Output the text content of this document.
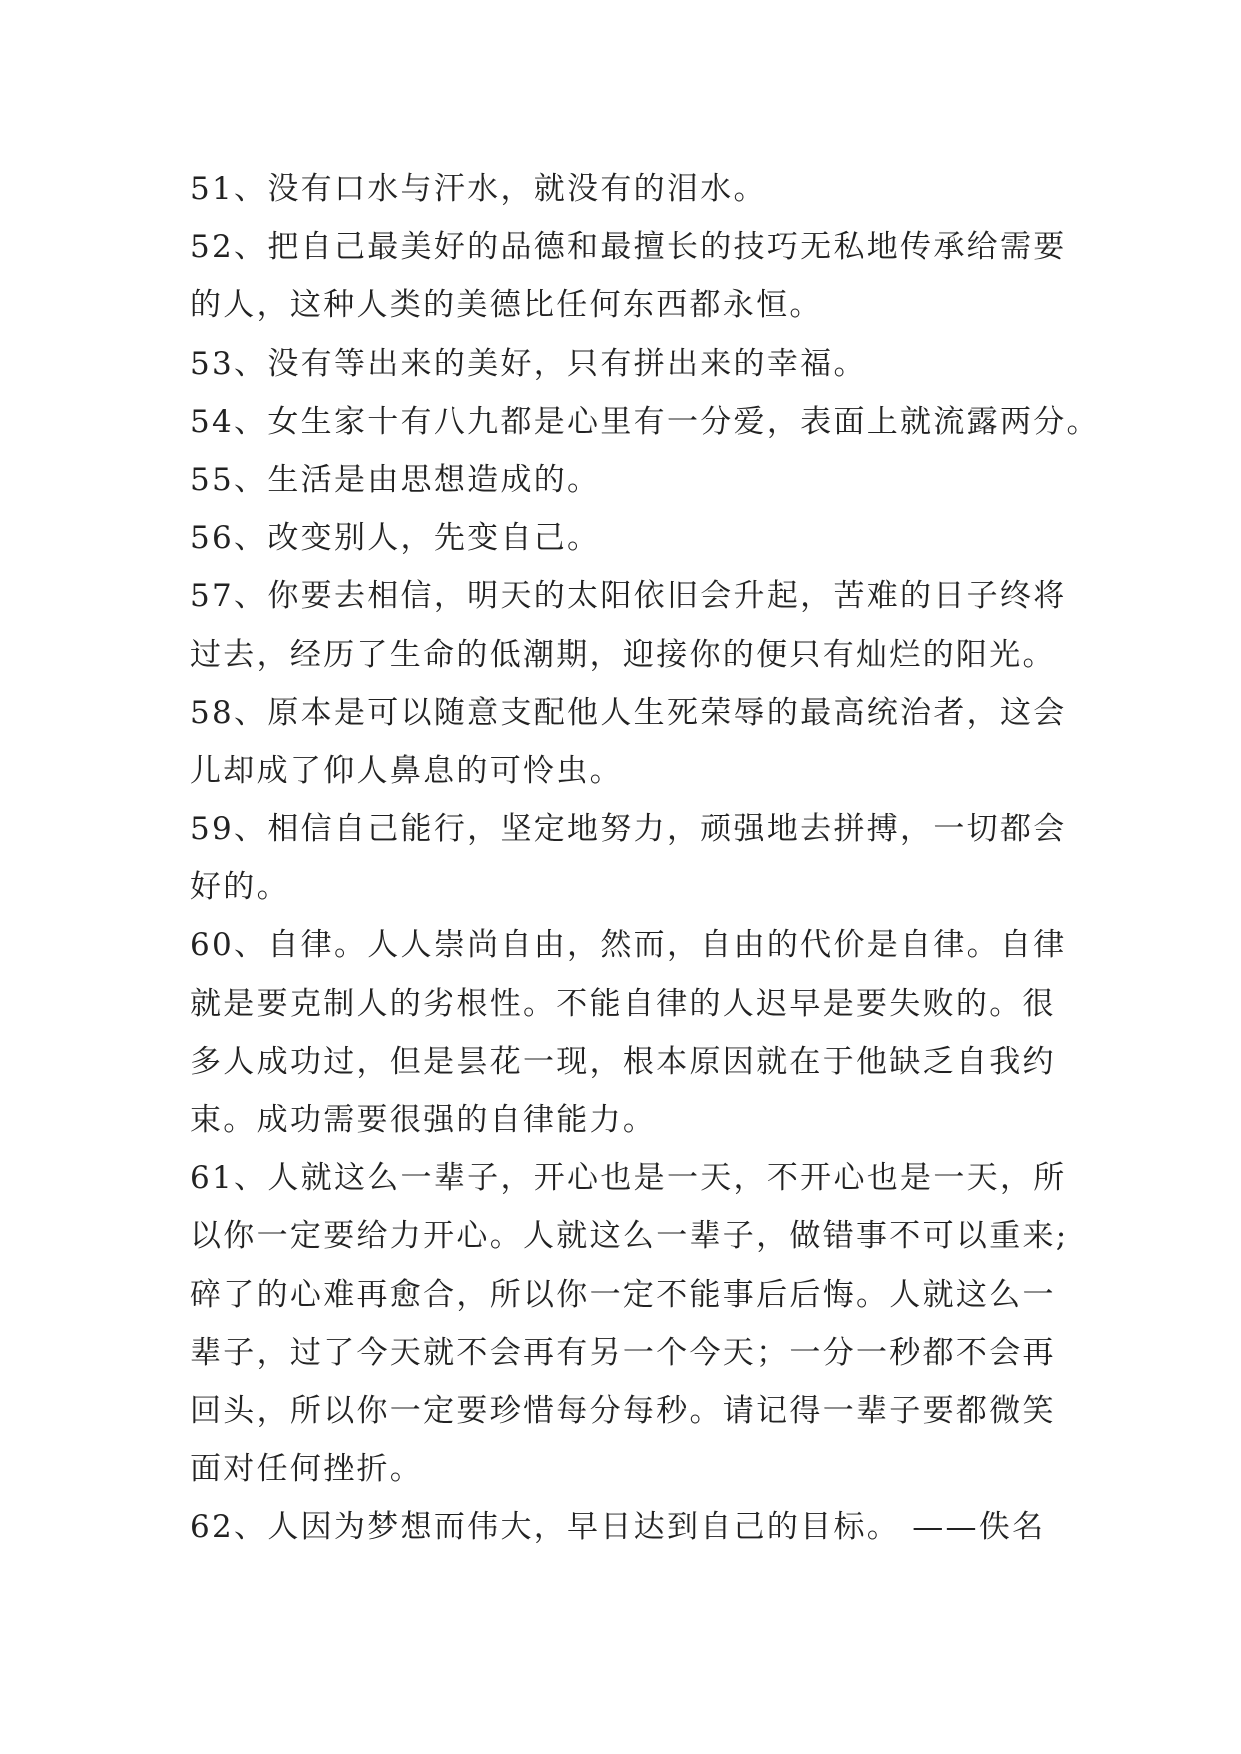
51、没有口水与汗水，就没有的泪水。
52、把自己最美好的品德和最擅长的技巧无私地传承给需要
的人，这种人类的美德比任何东西都永恒。
53、没有等出来的美好，只有拼出来的幸福。
54、女生家十有八九都是心里有一分爱，表面上就流露两分。
55、生活是由思想造成的。
56、改变别人，先变自己。
57、你要去相信，明天的太阳依旧会升起，苦难的日子终将
过去，经历了生命的低潮期，迎接你的便只有灿烂的阳光。
58、原本是可以随意支配他人生死荣辱的最高统治者，这会
儿却成了仰人鼻息的可怜虫。
59、相信自己能行，坚定地努力，顽强地去拼搏，一切都会
好的。
60、自律。人人崇尚自由，然而，自由的代价是自律。自律
就是要克制人的劣根性。不能自律的人迟早是要失败的。很
多人成功过，但是昙花一现，根本原因就在于他缺乏自我约
束。成功需要很强的自律能力。
61、人就这么一辈子，开心也是一天，不开心也是一天，所
以你一定要给力开心。人就这么一辈子，做错事不可以重来;
碎了的心难再愈合，所以你一定不能事后后悔。人就这么一
辈子，过了今天就不会再有另一个今天；一分一秒都不会再
回头，所以你一定要珍惜每分每秒。请记得一辈子要都微笑
面对任何挫折。
62、人因为梦想而伟大，早日达到自己的目标。 ——佚名
